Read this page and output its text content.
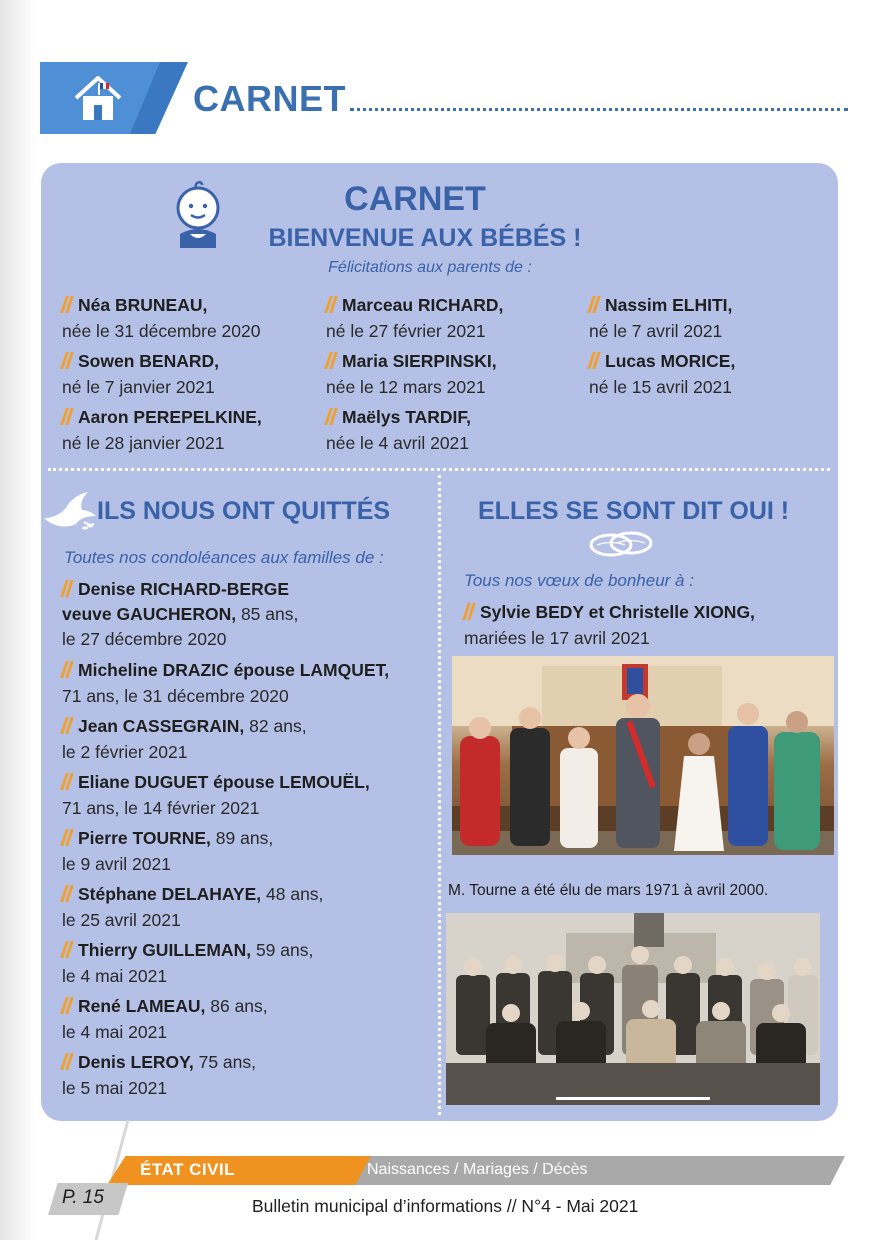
CARNET
CARNET
BIENVENUE AUX BÉBÉS !
Félicitations aux parents de :
Néa BRUNEAU,
née le 31 décembre 2020
Sowen BENARD,
né le 7 janvier 2021
Aaron PEREPELKINE,
né le 28 janvier 2021
Marceau RICHARD,
né le 27 février 2021
Maria SIERPINSKI,
née le 12 mars 2021
Maëlys TARDIF,
née le 4 avril 2021
Nassim ELHITI,
né le 7 avril 2021
Lucas MORICE,
né le 15 avril 2021
ILS NOUS ONT QUITTÉS
Toutes nos condoléances aux familles de :
Denise RICHARD-BERGE
veuve GAUCHERON, 85 ans,
le 27 décembre 2020
Micheline DRAZIC épouse LAMQUET,
71 ans, le 31 décembre 2020
Jean CASSEGRAIN, 82 ans,
le 2 février 2021
Eliane DUGUET épouse LEMOUËL,
71 ans, le 14 février 2021
Pierre TOURNE, 89 ans,
le 9 avril 2021
Stéphane DELAHAYE, 48 ans,
le 25 avril 2021
Thierry GUILLEMAN, 59 ans,
le 4 mai 2021
René LAMEAU, 86 ans,
le 4 mai 2021
Denis LEROY, 75 ans,
le 5 mai 2021
ELLES SE SONT DIT OUI !
Tous nos vœux de bonheur à :
Sylvie BEDY et Christelle XIONG,
mariées le 17 avril 2021
M. Tourne a été élu de mars 1971 à avril 2000.
ÉTAT CIVIL	Naissances / Mariages / Décès
P. 15	Bulletin municipal d’informations // N°4 - Mai 2021
